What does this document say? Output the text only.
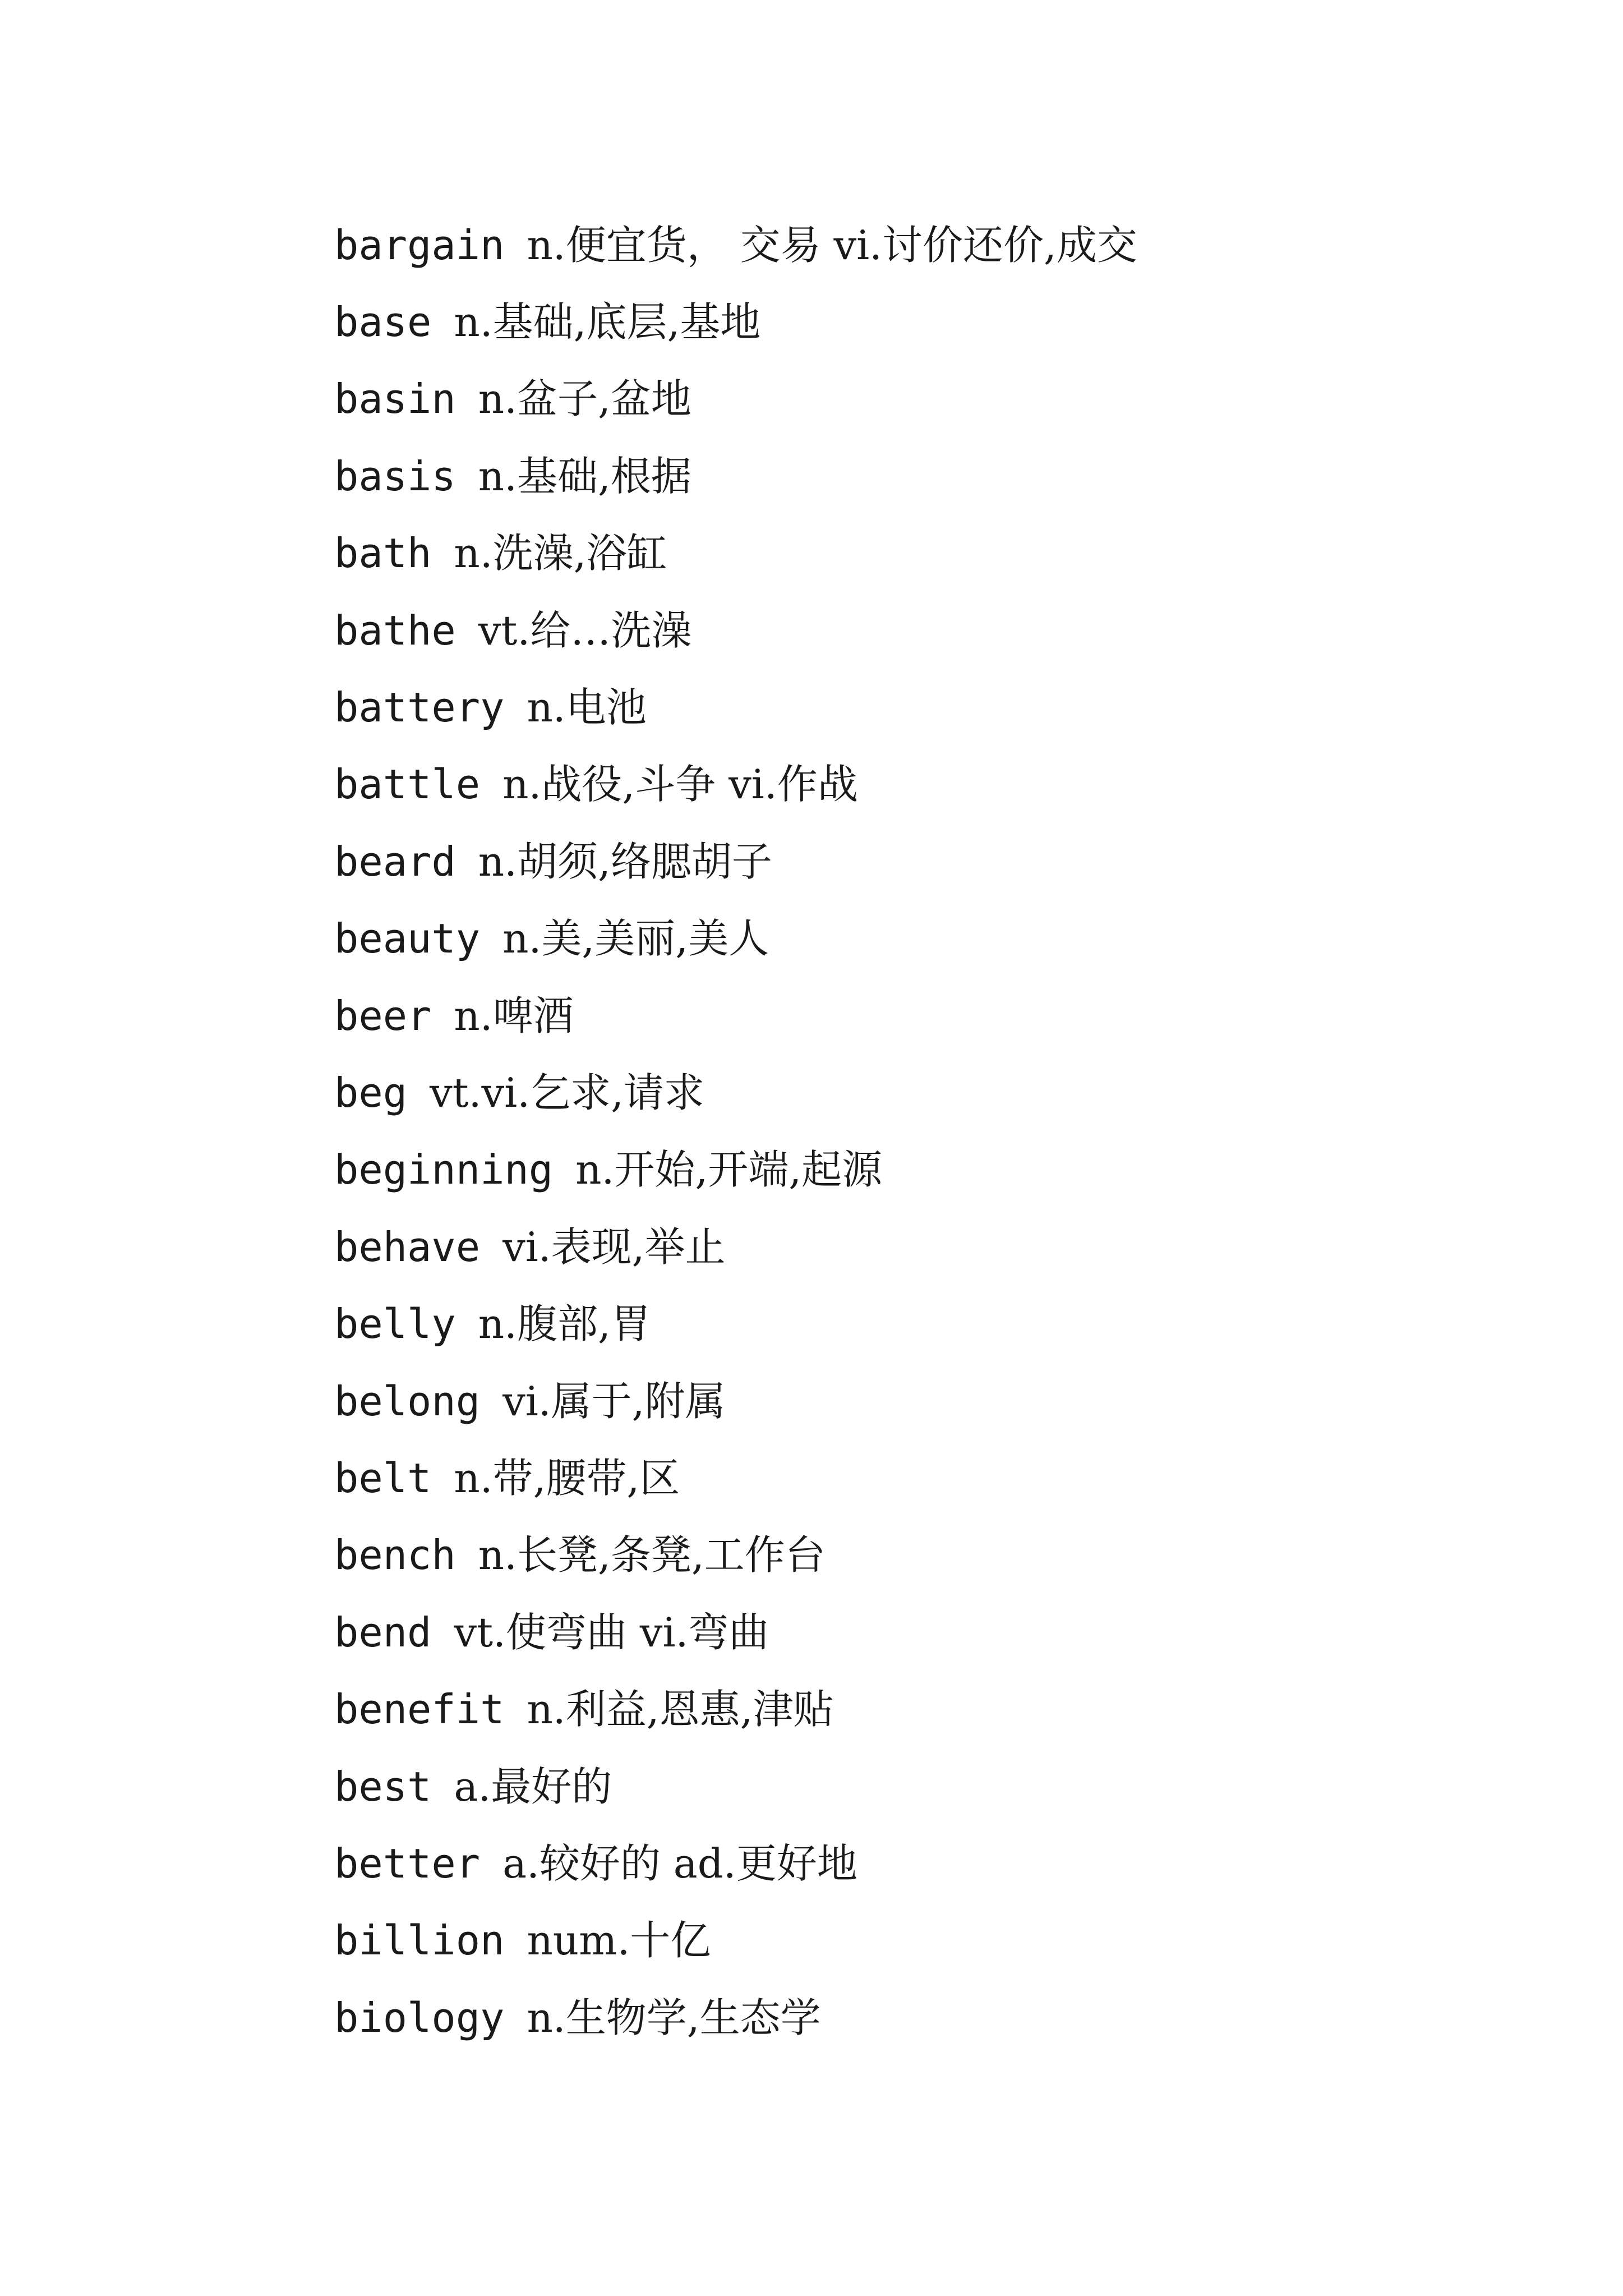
bargain n.便宜货， 交易 vi.讨价还价,成交
base n.基础,底层,基地
basin n.盆子,盆地
basis n.基础,根据
bath n.洗澡,浴缸
bathe vt.给…洗澡
battery n.电池
battle n.战役,斗争 vi.作战
beard n.胡须,络腮胡子
beauty n.美,美丽,美人
beer n.啤酒
beg vt.vi.乞求,请求
beginning n.开始,开端,起源
behave vi.表现,举止
belly n.腹部,胃
belong vi.属于,附属
belt n.带,腰带,区
bench n.长凳,条凳,工作台
bend vt.使弯曲 vi.弯曲
benefit n.利益,恩惠,津贴
best a.最好的
better a.较好的 ad.更好地
billion num.十亿
biology n.生物学,生态学
